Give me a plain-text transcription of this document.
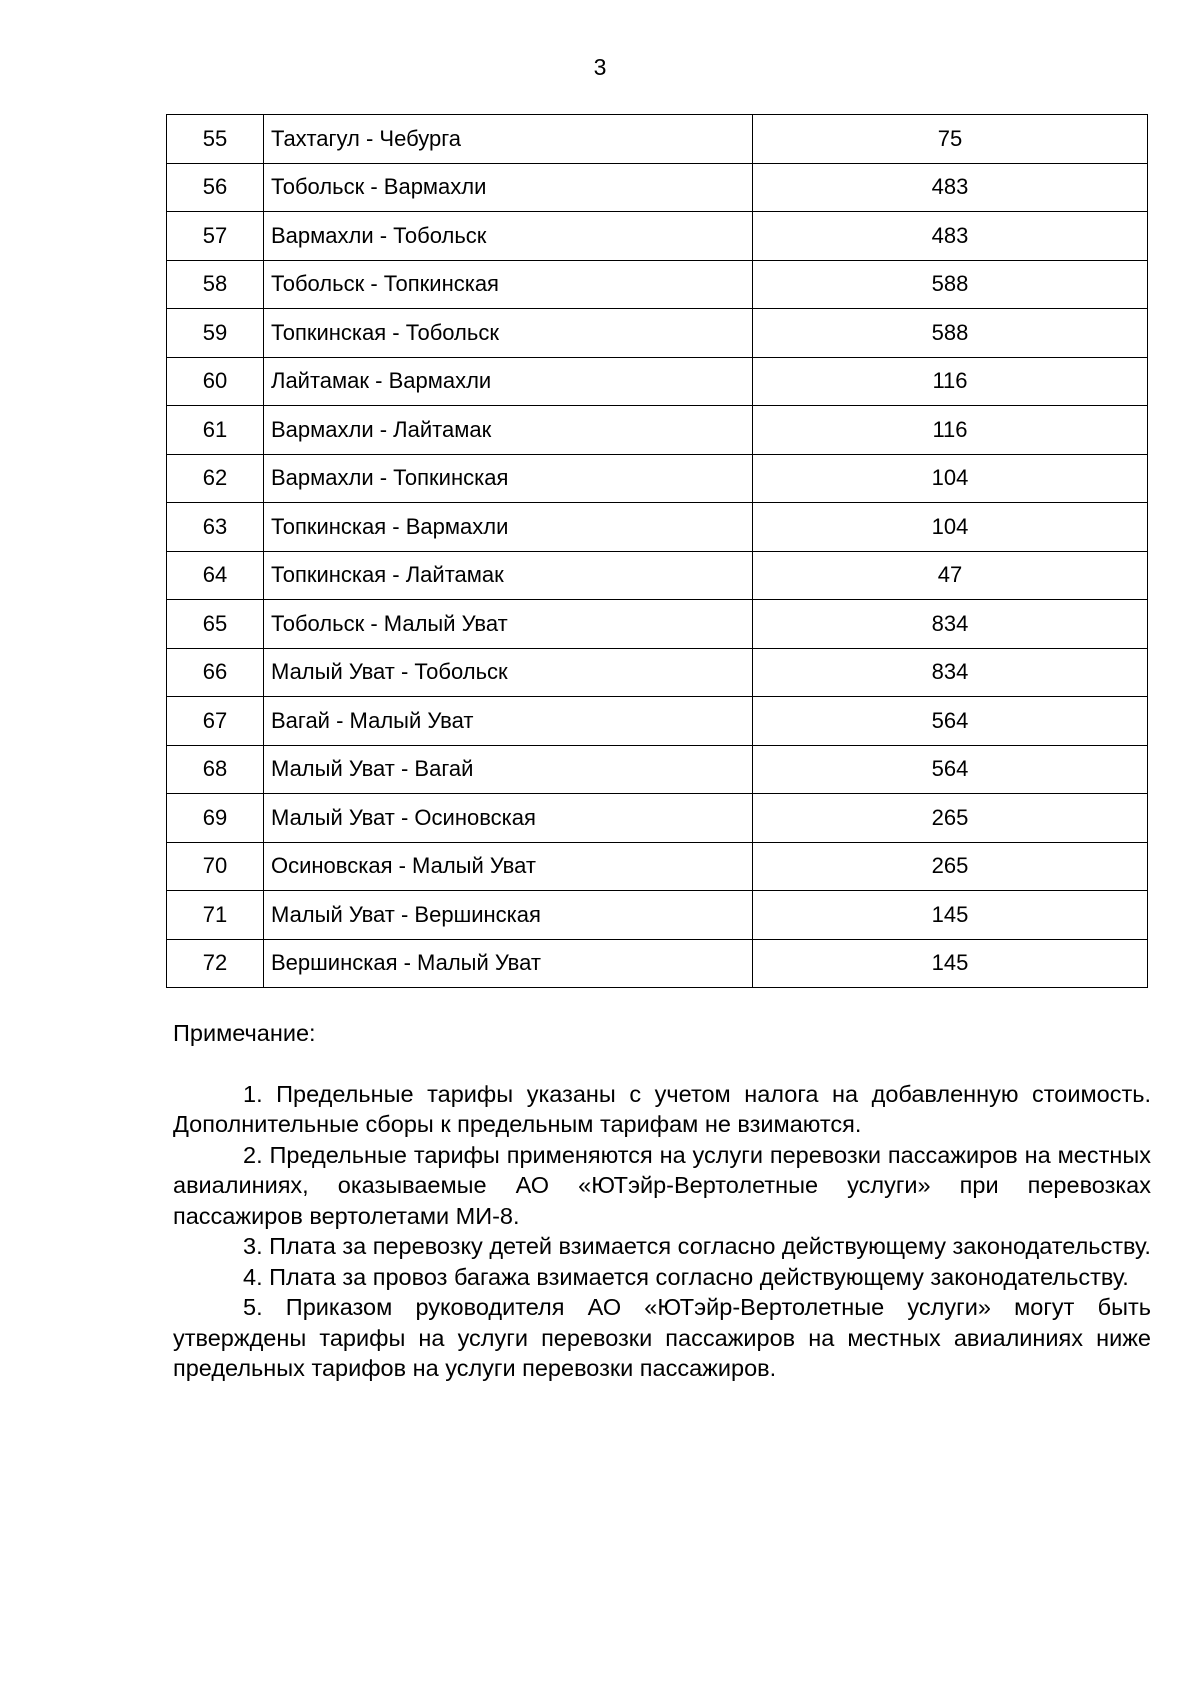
3
55	Тахтагул - Чебурга	75
56	Тобольск - Вармахли	483
57	Вармахли - Тобольск	483
58	Тобольск - Топкинская	588
59	Топкинская - Тобольск	588
60	Лайтамак - Вармахли	116
61	Вармахли - Лайтамак	116
62	Вармахли - Топкинская	104
63	Топкинская - Вармахли	104
64	Топкинская - Лайтамак	47
65	Тобольск - Малый Уват	834
66	Малый Уват - Тобольск	834
67	Вагай - Малый Уват	564
68	Малый Уват - Вагай	564
69	Малый Уват - Осиновская	265
70	Осиновская - Малый Уват	265
71	Малый Уват - Вершинская	145
72	Вершинская - Малый Уват	145

Примечание:

1. Предельные тарифы указаны с учетом налога на добавленную стоимость. Дополнительные сборы к предельным тарифам не взимаются.

2. Предельные тарифы применяются на услуги перевозки пассажиров на местных авиалиниях, оказываемые АО «ЮТэйр-Вертолетные услуги» при перевозках пассажиров вертолетами МИ-8.

3. Плата за перевозку детей взимается согласно действующему законодательству.

4. Плата за провоз багажа взимается согласно действующему законодательству.

5. Приказом руководителя АО «ЮТэйр-Вертолетные услуги» могут быть утверждены тарифы на услуги перевозки пассажиров на местных авиалиниях ниже предельных тарифов на услуги перевозки пассажиров.
